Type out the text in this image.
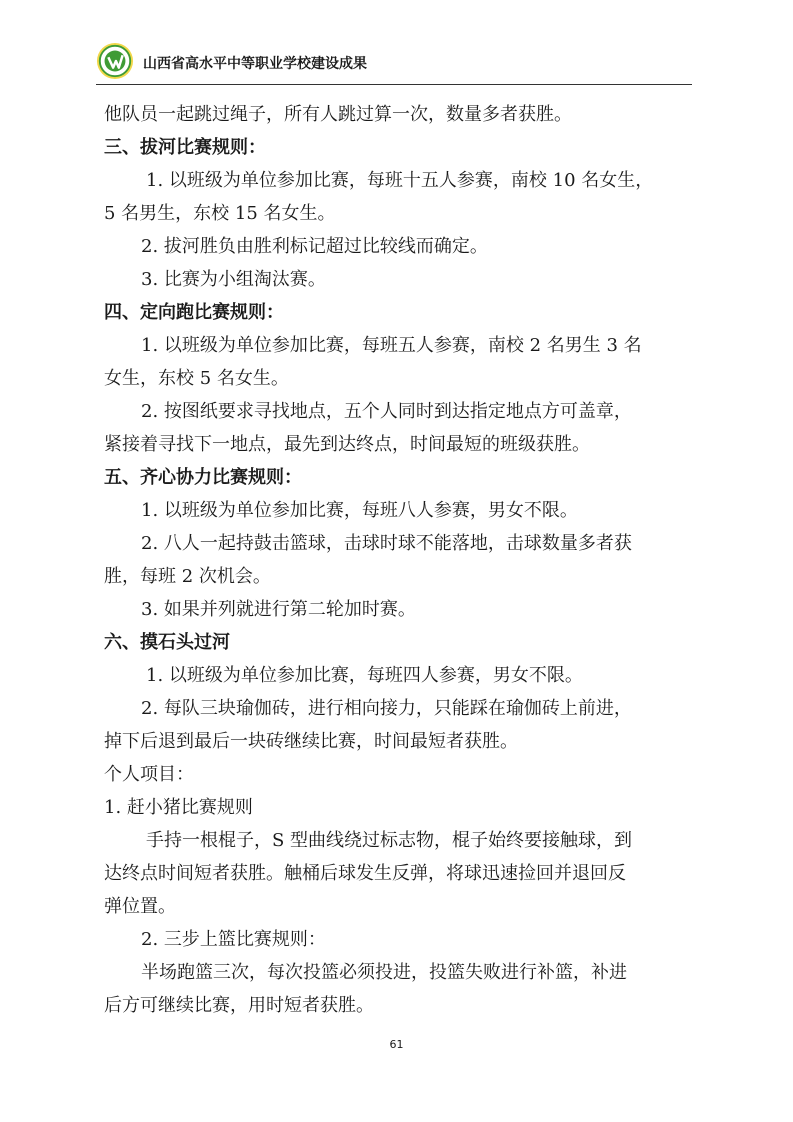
山西省高水平中等职业学校建设成果
他队员一起跳过绳子，所有人跳过算一次，数量多者获胜。
三、拔河比赛规则：
1. 以班级为单位参加比赛，每班十五人参赛，南校 10 名女生，
5 名男生，东校 15 名女生。
2. 拔河胜负由胜利标记超过比较线而确定。
3. 比赛为小组淘汰赛。
四、定向跑比赛规则：
1. 以班级为单位参加比赛，每班五人参赛，南校 2 名男生 3 名
女生，东校 5 名女生。
2. 按图纸要求寻找地点，五个人同时到达指定地点方可盖章，
紧接着寻找下一地点，最先到达终点，时间最短的班级获胜。
五、齐心协力比赛规则：
1. 以班级为单位参加比赛，每班八人参赛，男女不限。
2. 八人一起持鼓击篮球，击球时球不能落地，击球数量多者获
胜，每班 2 次机会。
3. 如果并列就进行第二轮加时赛。
六、摸石头过河
1. 以班级为单位参加比赛，每班四人参赛，男女不限。
2. 每队三块瑜伽砖，进行相向接力，只能踩在瑜伽砖上前进，
掉下后退到最后一块砖继续比赛，时间最短者获胜。
个人项目：
1. 赶小猪比赛规则
手持一根棍子，S 型曲线绕过标志物，棍子始终要接触球，到
达终点时间短者获胜。触桶后球发生反弹，将球迅速捡回并退回反
弹位置。
2. 三步上篮比赛规则：
半场跑篮三次，每次投篮必须投进，投篮失败进行补篮，补进
后方可继续比赛，用时短者获胜。
61
